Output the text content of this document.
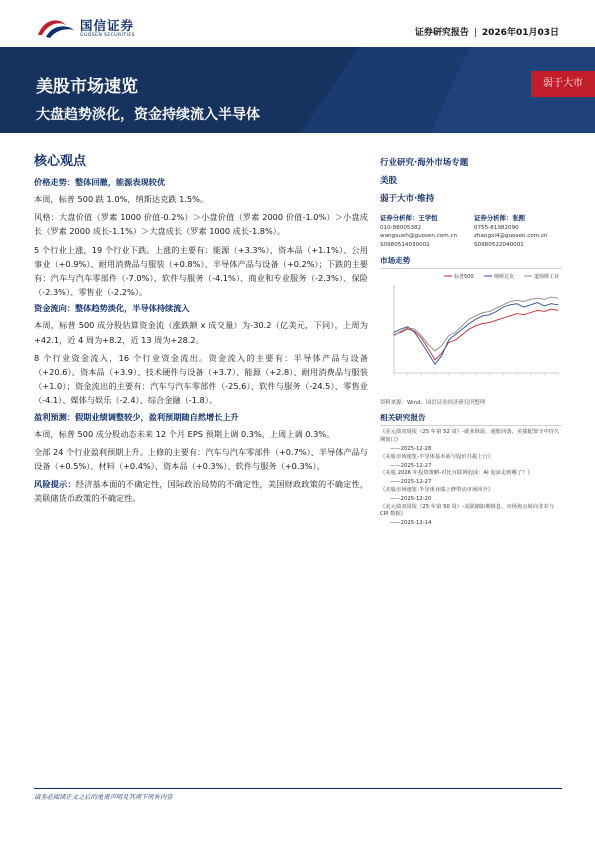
国信证券
GUOSEN SECURITIES	证券研究报告 | 2026年01月03日
美股市场速览
大盘趋势淡化，资金持续流入半导体
弱于大市
核心观点
价格走势：整体回撤，能源表现较优

本周，标普 500 跌 1.0%，纳斯达克跌 1.5%。

风格：大盘价值（罗素 1000 价值-0.2%）＞小盘价值（罗素 2000 价值-1.0%）＞小盘成长（罗素 2000 成长-1.1%）＞大盘成长（罗素 1000 成长-1.8%）。

5 个行业上涨，19 个行业下跌。上涨的主要有：能源（+3.3%）、资本品（+1.1%）、公用事业（+0.9%）、耐用消费品与服装（+0.8%）、半导体产品与设备（+0.2%）；下跌的主要有：汽车与汽车零部件（-7.0%）、软件与服务（-4.1%）、商业和专业服务（-2.3%）、保险（-2.3%）、零售业（-2.2%）。

资金流向：整体趋势淡化，半导体持续流入

本周，标普 500 成分股估算资金流（涨跌额 x 成交量）为-30.2（亿美元，下同），上周为+42.1，近 4 周为+8.2，近 13 周为+28.2。

8 个行业资金流入，16 个行业资金流出。资金流入的主要有：半导体产品与设备（+20.6）、资本品（+3.9）、技术硬件与设备（+3.7）、能源（+2.8）、耐用消费品与服装（+1.0）；资金流出的主要有：汽车与汽车零部件（-25.6）、软件与服务（-24.5）、零售业（-4.1）、媒体与娱乐（-2.4）、综合金融（-1.8）。

盈利预测：假期业绩调整较少，盈利预期随自然增长上升

本周，标普 500 成分股动态未来 12 个月 EPS 预期上调 0.3%，上周上调 0.3%。

全部 24 个行业盈利预期上升。上修的主要有：汽车与汽车零部件（+0.7%）、半导体产品与设备（+0.5%）、材料（+0.4%）、资本品（+0.3%）、软件与服务（+0.3%）。

风险提示：经济基本面的不确定性，国际政治局势的不确定性，美国财政政策的不确定性，美联储货币政策的不确定性。

行业研究·海外市场专题
美股
弱于大市·维持
证券分析师：王学恒
010-88005382
wangxueh@guosen.com.cn
S0980514030002
证券分析师：张熙
0755-81982090
zhangxi4@guosen.com.cn
S0980522040001
市场走势
标普500	纳斯达克	道琼斯工业
资料来源：Wind、国信证券经济研究所整理
相关研究报告
《美元债双周报（25 年第 52 周）-就业降温、通胀回落，美债配置守中待久期窗口》
——2025-12-28
《美股市场速览-半导体基本面与股价共振上行》
——2025-12-27
《美股 2026 年投资策略-对比互联网泡沫：AI 泡沫走到哪了？》
——2025-12-27
《美股市场速览-半导体业绩上修带动市场回升》
——2025-12-20
《美元债双周报（25 年第 50 周）-美联储如期降息，市场焦点转向非农与 CPI 数据》
——2025-12-14
请务必阅读正文之后的免责声明及其项下所有内容
